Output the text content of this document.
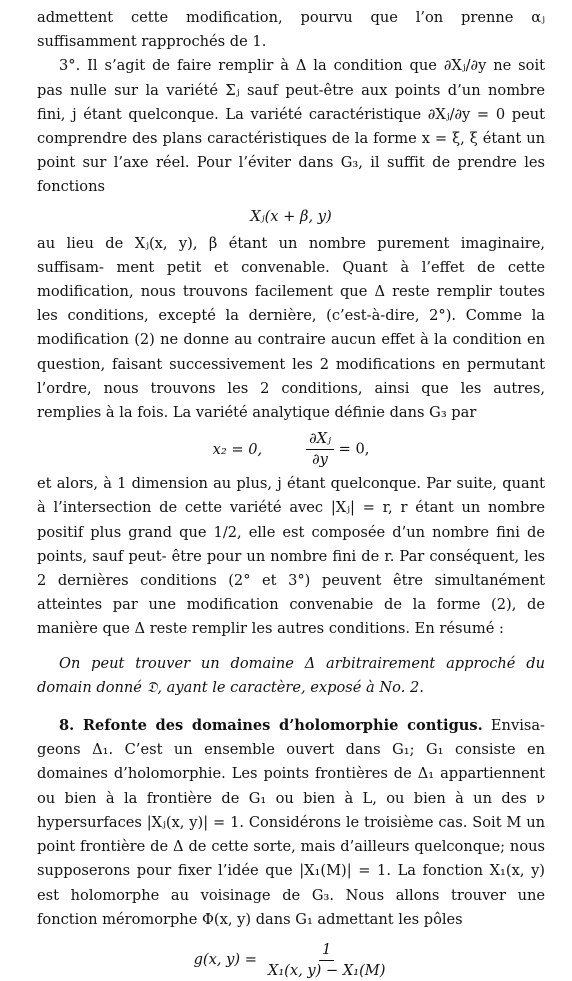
admettent cette modification, pourvu que l’on prenne αⱼ suffisamment rapprochés de 1.

3°. Il s’agit de faire remplir à Δ la condition que ∂Xⱼ/∂y ne soit pas nulle sur la variété Σⱼ sauf peut-être aux points d’un nombre fini, j étant quelconque. La variété caractéristique ∂Xⱼ/∂y = 0 peut comprendre des plans caractéristiques de la forme x = ξ, ξ étant un point sur l’axe réel. Pour l’éviter dans G₃, il suffit de prendre les fonctions

Xⱼ(x + β, y)

au lieu de Xⱼ(x, y), β étant un nombre purement imaginaire, suffisam- ment petit et convenable. Quant à l’effet de cette modification, nous trouvons facilement que Δ reste remplir toutes les conditions, excepté la dernière, (c’est-à-dire, 2°). Comme la modification (2) ne donne au contraire aucun effet à la condition en question, faisant successivement les 2 modifications en permutant l’ordre, nous trouvons les 2 conditions, ainsi que les autres, remplies à la fois. La variété analytique définie dans G₃ par

x₂ = 0,	$\frac{\text{∂Xⱼ}}{\partial y} = 0$,

et alors, à 1 dimension au plus, j étant quelconque. Par suite, quant à l’intersection de cette variété avec |Xⱼ| = r, r étant un nombre positif plus grand que 1/2, elle est composée d’un nombre fini de points, sauf peut- être pour un nombre fini de r. Par conséquent, les 2 dernières conditions (2° et 3°) peuvent être simultanément atteintes par une modification convenabie de la forme (2), de manière que Δ reste remplir les autres conditions. En résumé :

On peut trouver un domaine Δ arbitrairement approché du domain donné 𝔇, ayant le caractère, exposé à No. 2.

8. Refonte des domaines d’holomorphie contigus. Envisa- geons Δ₁. C’est un ensemble ouvert dans G₁; G₁ consiste en domaines d’holomorphie. Les points frontières de Δ₁ appartiennent ou bien à la frontière de G₁ ou bien à L, ou bien à un des ν hypersurfaces |Xⱼ(x, y)| = 1. Considérons le troisième cas. Soit M un point frontière de Δ de cette sorte, mais d’ailleurs quelconque; nous supposerons pour fixer l’idée que |X₁(M)| = 1. La fonction X₁(x, y) est holomorphe au voisinage de G₃. Nous allons trouver une fonction méromorphe Φ(x, y) dans G₁ admettant les pôles

g(x, $y) = \frac{1}{\text{X₁(x, y) − X₁(M)}}$
